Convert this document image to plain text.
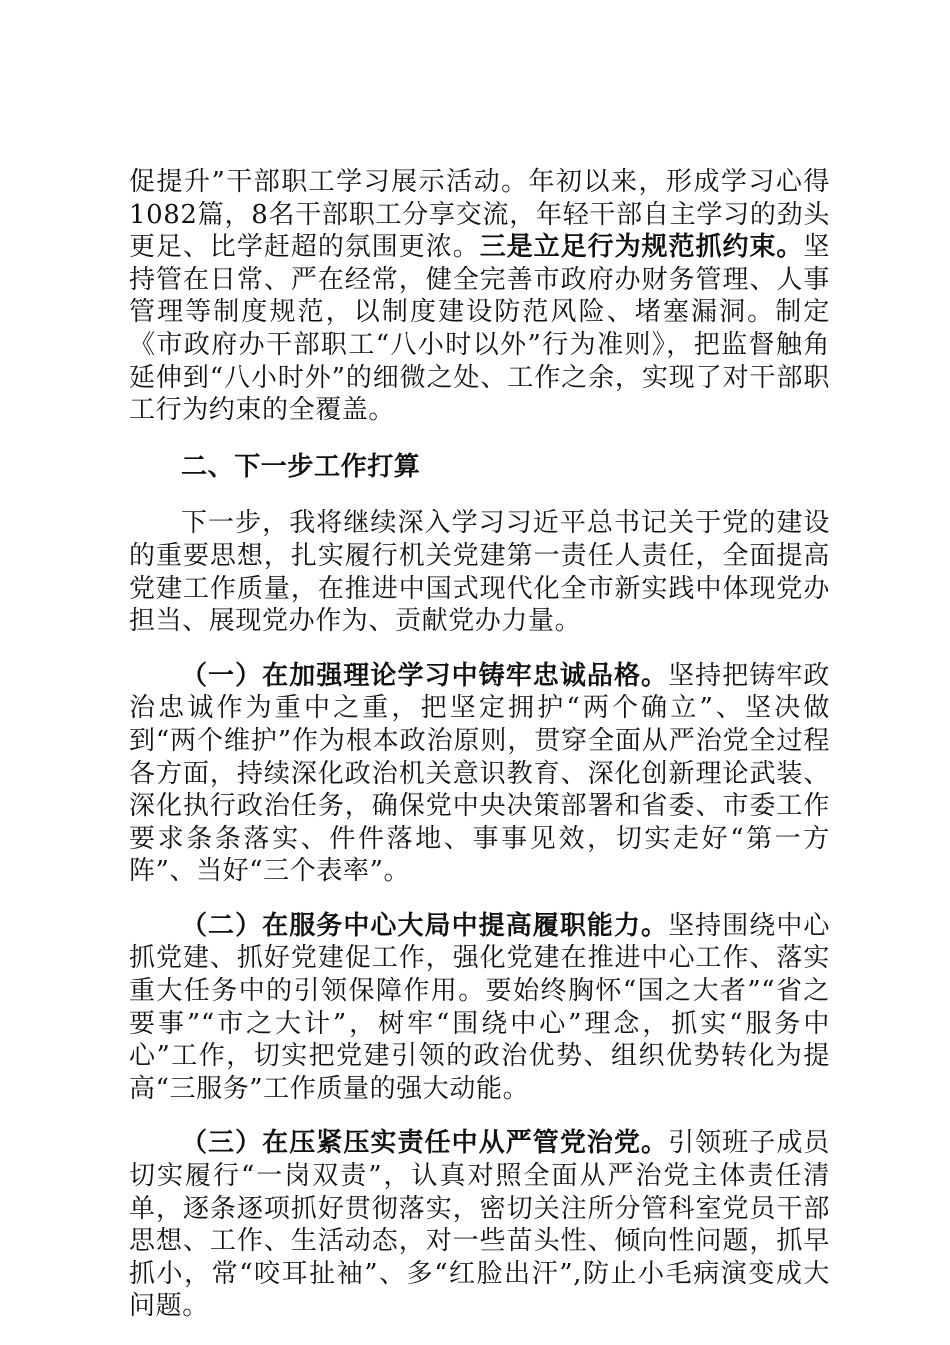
促提升”干部职工学习展示活动。年初以来，形成学习心得1082篇，8名干部职工分享交流，年轻干部自主学习的劲头更足、比学赶超的氛围更浓。三是立足行为规范抓约束。坚持管在日常、严在经常，健全完善市政府办财务管理、人事管理等制度规范，以制度建设防范风险、堵塞漏洞。制定《市政府办干部职工“八小时以外”行为准则》，把监督触角延伸到“八小时外”的细微之处、工作之余，实现了对干部职工行为约束的全覆盖。

二、下一步工作打算

下一步，我将继续深入学习习近平总书记关于党的建设的重要思想，扎实履行机关党建第一责任人责任，全面提高党建工作质量，在推进中国式现代化全市新实践中体现党办担当、展现党办作为、贡献党办力量。

（一）在加强理论学习中铸牢忠诚品格。坚持把铸牢政治忠诚作为重中之重，把坚定拥护“两个确立”、坚决做到“两个维护”作为根本政治原则，贯穿全面从严治党全过程各方面，持续深化政治机关意识教育、深化创新理论武装、深化执行政治任务，确保党中央决策部署和省委、市委工作要求条条落实、件件落地、事事见效，切实走好“第一方阵”、当好“三个表率”。

（二）在服务中心大局中提高履职能力。坚持围绕中心抓党建、抓好党建促工作，强化党建在推进中心工作、落实重大任务中的引领保障作用。要始终胸怀“国之大者”“省之要事”“市之大计”，树牢“围绕中心”理念，抓实“服务中心”工作，切实把党建引领的政治优势、组织优势转化为提高“三服务”工作质量的强大动能。

（三）在压紧压实责任中从严管党治党。引领班子成员切实履行“一岗双责”，认真对照全面从严治党主体责任清单，逐条逐项抓好贯彻落实，密切关注所分管科室党员干部思想、工作、生活动态，对一些苗头性、倾向性问题，抓早抓小，常“咬耳扯袖”、多“红脸出汗”,防止小毛病演变成大问题。
